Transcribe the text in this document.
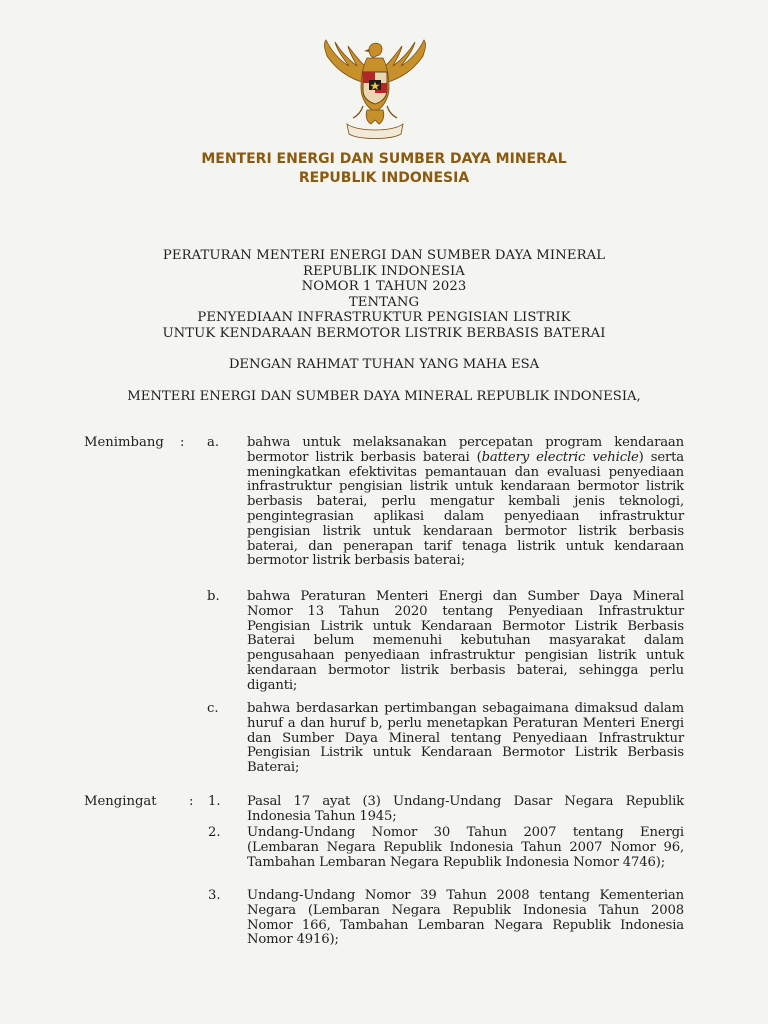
MENTERI ENERGI DAN SUMBER DAYA MINERAL
REPUBLIK INDONESIA
PERATURAN MENTERI ENERGI DAN SUMBER DAYA MINERAL
REPUBLIK INDONESIA
NOMOR 1 TAHUN 2023
TENTANG
PENYEDIAAN INFRASTRUKTUR PENGISIAN LISTRIK
UNTUK KENDARAAN BERMOTOR LISTRIK BERBASIS BATERAI
DENGAN RAHMAT TUHAN YANG MAHA ESA
MENTERI ENERGI DAN SUMBER DAYA MINERAL REPUBLIK INDONESIA,
Menimbang : a.	bahwa untuk melaksanakan percepatan program kendaraan bermotor listrik berbasis baterai (battery electric vehicle) serta meningkatkan efektivitas pemantauan dan evaluasi penyediaan infrastruktur pengisian listrik untuk kendaraan bermotor listrik berbasis baterai, perlu mengatur kembali jenis teknologi, pengintegrasian aplikasi dalam penyediaan infrastruktur pengisian listrik untuk kendaraan bermotor listrik berbasis baterai, dan penerapan tarif tenaga listrik untuk kendaraan bermotor listrik berbasis baterai;
b.	bahwa Peraturan Menteri Energi dan Sumber Daya Mineral Nomor 13 Tahun 2020 tentang Penyediaan Infrastruktur Pengisian Listrik untuk Kendaraan Bermotor Listrik Berbasis Baterai belum memenuhi kebutuhan masyarakat dalam pengusahaan penyediaan infrastruktur pengisian listrik untuk kendaraan bermotor listrik berbasis baterai, sehingga perlu diganti;
c.	bahwa berdasarkan pertimbangan sebagaimana dimaksud dalam huruf a dan huruf b, perlu menetapkan Peraturan Menteri Energi dan Sumber Daya Mineral tentang Penyediaan Infrastruktur Pengisian Listrik untuk Kendaraan Bermotor Listrik Berbasis Baterai;
Mengingat : 1.	Pasal 17 ayat (3) Undang-Undang Dasar Negara Republik Indonesia Tahun 1945;
2.	Undang-Undang Nomor 30 Tahun 2007 tentang Energi (Lembaran Negara Republik Indonesia Tahun 2007 Nomor 96, Tambahan Lembaran Negara Republik Indonesia Nomor 4746);
3.	Undang-Undang Nomor 39 Tahun 2008 tentang Kementerian Negara (Lembaran Negara Republik Indonesia Tahun 2008 Nomor 166, Tambahan Lembaran Negara Republik Indonesia Nomor 4916);
